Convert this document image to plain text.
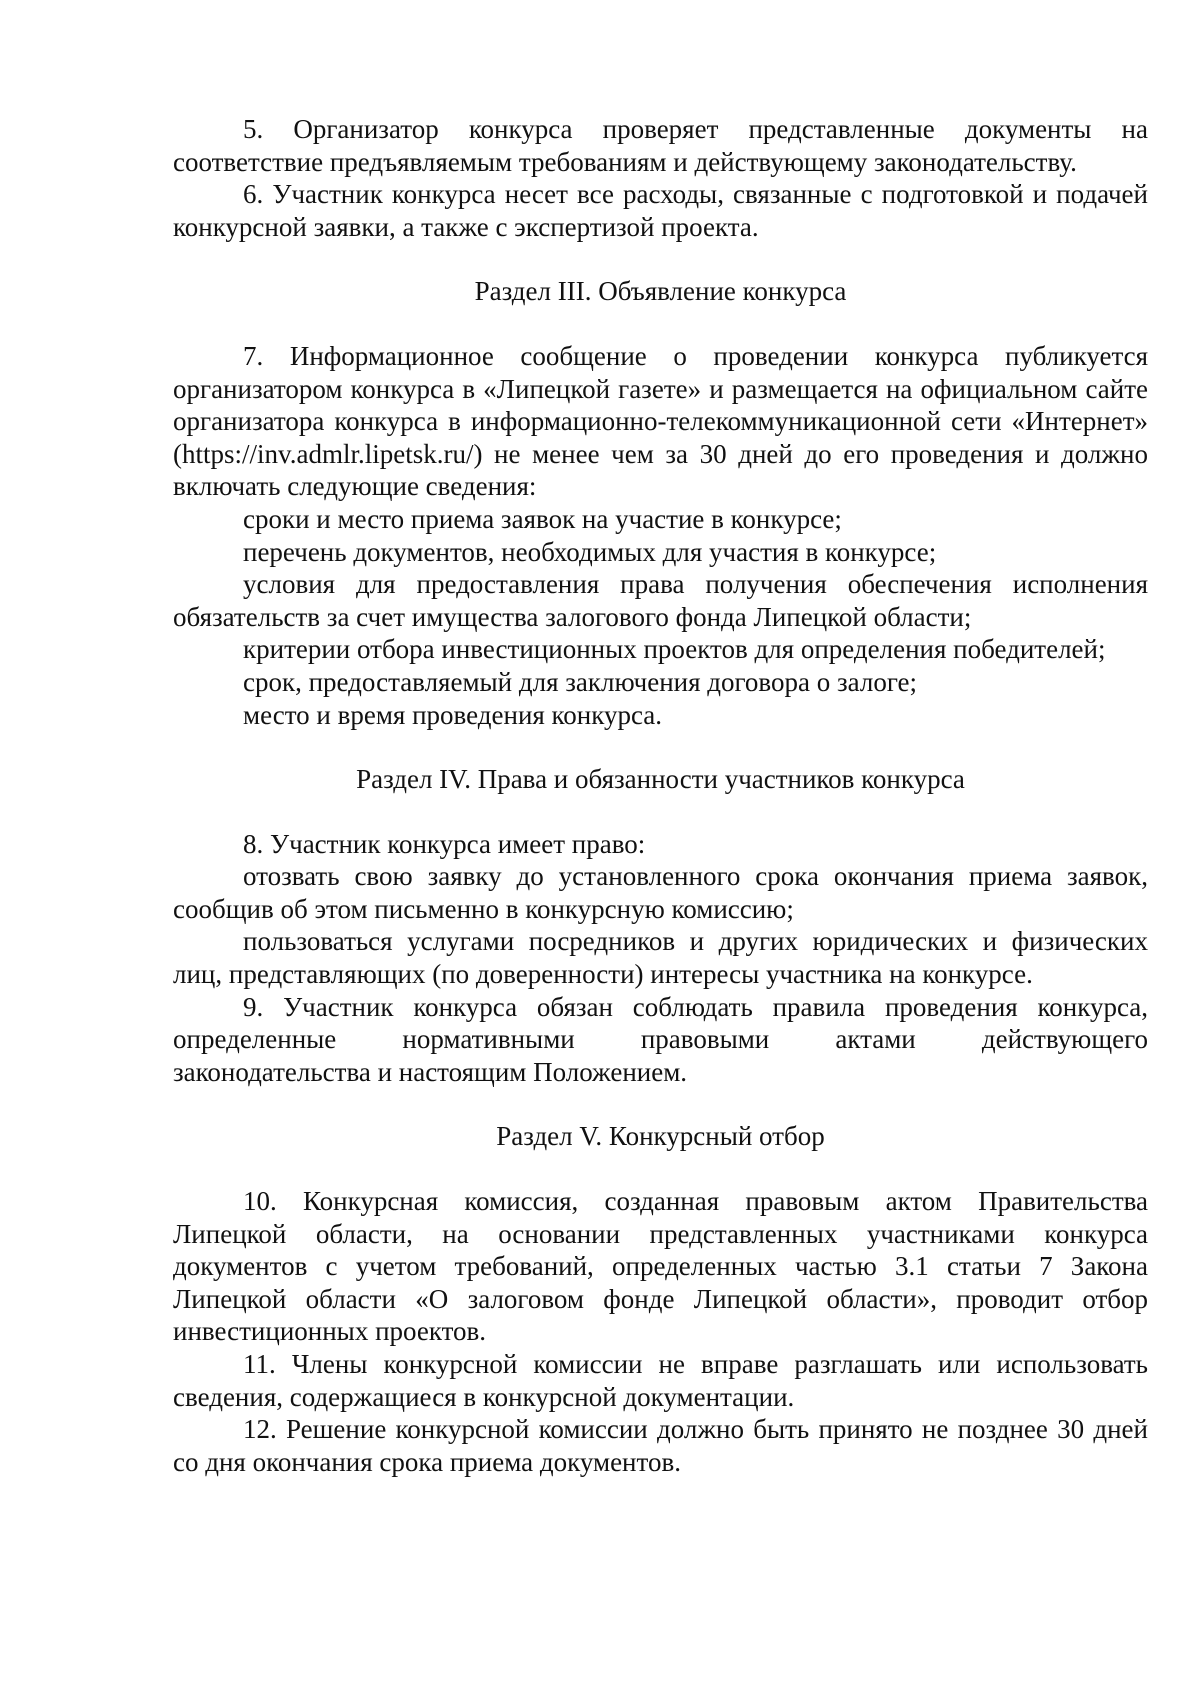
5. Организатор конкурса проверяет представленные документы на соответствие предъявляемым требованиям и действующему законодательству.

6. Участник конкурса несет все расходы, связанные с подготовкой и подачей конкурсной заявки, а также с экспертизой проекта.

Раздел III. Объявление конкурса

7. Информационное сообщение о проведении конкурса публикуется организатором конкурса в «Липецкой газете» и размещается на официальном сайте организатора конкурса в информационно-телекоммуникационной сети «Интернет» (https://inv.admlr.lipetsk.ru/) не менее чем за 30 дней до его проведения и должно включать следующие сведения:

сроки и место приема заявок на участие в конкурсе;

перечень документов, необходимых для участия в конкурсе;

условия для предоставления права получения обеспечения исполнения обязательств за счет имущества залогового фонда Липецкой области;

критерии отбора инвестиционных проектов для определения победителей;

срок, предоставляемый для заключения договора о залоге;

место и время проведения конкурса.

Раздел IV. Права и обязанности участников конкурса

8. Участник конкурса имеет право:

отозвать свою заявку до установленного срока окончания приема заявок, сообщив об этом письменно в конкурсную комиссию;

пользоваться услугами посредников и других юридических и физических лиц, представляющих (по доверенности) интересы участника на конкурсе.

9. Участник конкурса обязан соблюдать правила проведения конкурса, определенные нормативными правовыми актами действующего

законодательства и настоящим Положением.

Раздел V. Конкурсный отбор

10. Конкурсная комиссия, созданная правовым актом Правительства Липецкой области, на основании представленных участниками конкурса документов с учетом требований, определенных частью 3.1 статьи 7 Закона Липецкой области «О залоговом фонде Липецкой области», проводит отбор инвестиционных проектов.

11. Члены конкурсной комиссии не вправе разглашать или использовать сведения, содержащиеся в конкурсной документации.

12. Решение конкурсной комиссии должно быть принято не позднее 30 дней со дня окончания срока приема документов.
